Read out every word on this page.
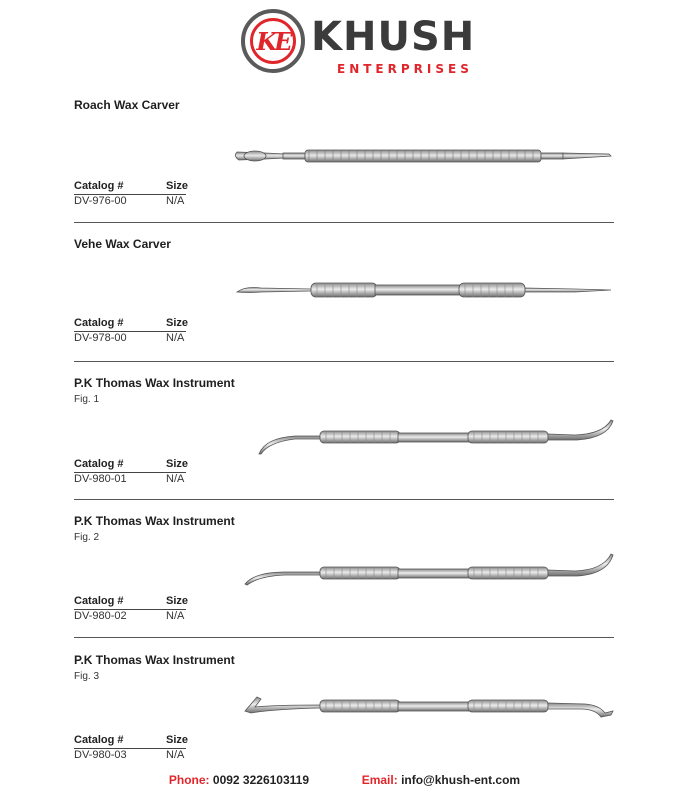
KE KHUSH
ENTERPRISES
Roach Wax Carver
Catalog #	Size
DV-976-00	N/A
Vehe Wax Carver
Catalog #	Size
DV-978-00	N/A
P.K Thomas Wax Instrument
Fig. 1
Catalog #	Size
DV-980-01	N/A
P.K Thomas Wax Instrument
Fig. 2
Catalog #	Size
DV-980-02	N/A
P.K Thomas Wax Instrument
Fig. 3
Catalog #	Size
DV-980-03	N/A
Phone: 0092 3226103119	Email: info@khush-ent.com
